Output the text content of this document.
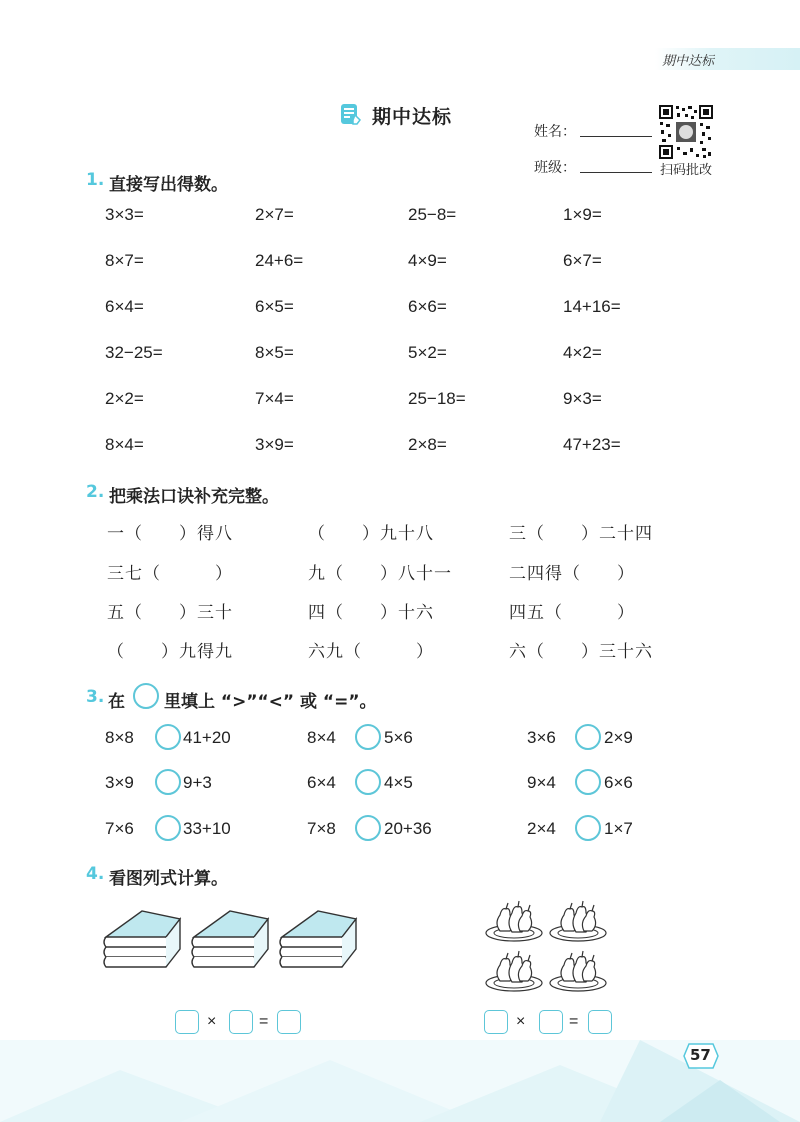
期中达标
期中达标
姓名：
班级：	扫码批改
1. 直接写出得数。
3×3=	2×7=	25−8=	1×9=
8×7=	24+6=	4×9=	6×7=
6×4=	6×5=	6×6=	14+16=
32−25=	8×5=	5×2=	4×2=
2×2=	7×4=	25−18=	9×3=
8×4=	3×9=	2×8=	47+23=
2. 把乘法口诀补充完整。
一（　　）得八	（　　）九十八	三（　　）二十四
三七（　　　）	九（　　）八十一	二四得（　　）
五（　　）三十	四（　　）十六	四五（　　　）
（　　）九得九	六九（　　　）	六（　　）三十六
3. 在 里填上 “>”“<” 或 “=”。
8×8	41+20	8×4	5×6	3×6	2×9
3×9	9+3	6×4	4×5	9×4	6×6
7×6	33+10	7×8	20+36	2×4	1×7
4. 看图列式计算。
×	=	×	=
57
